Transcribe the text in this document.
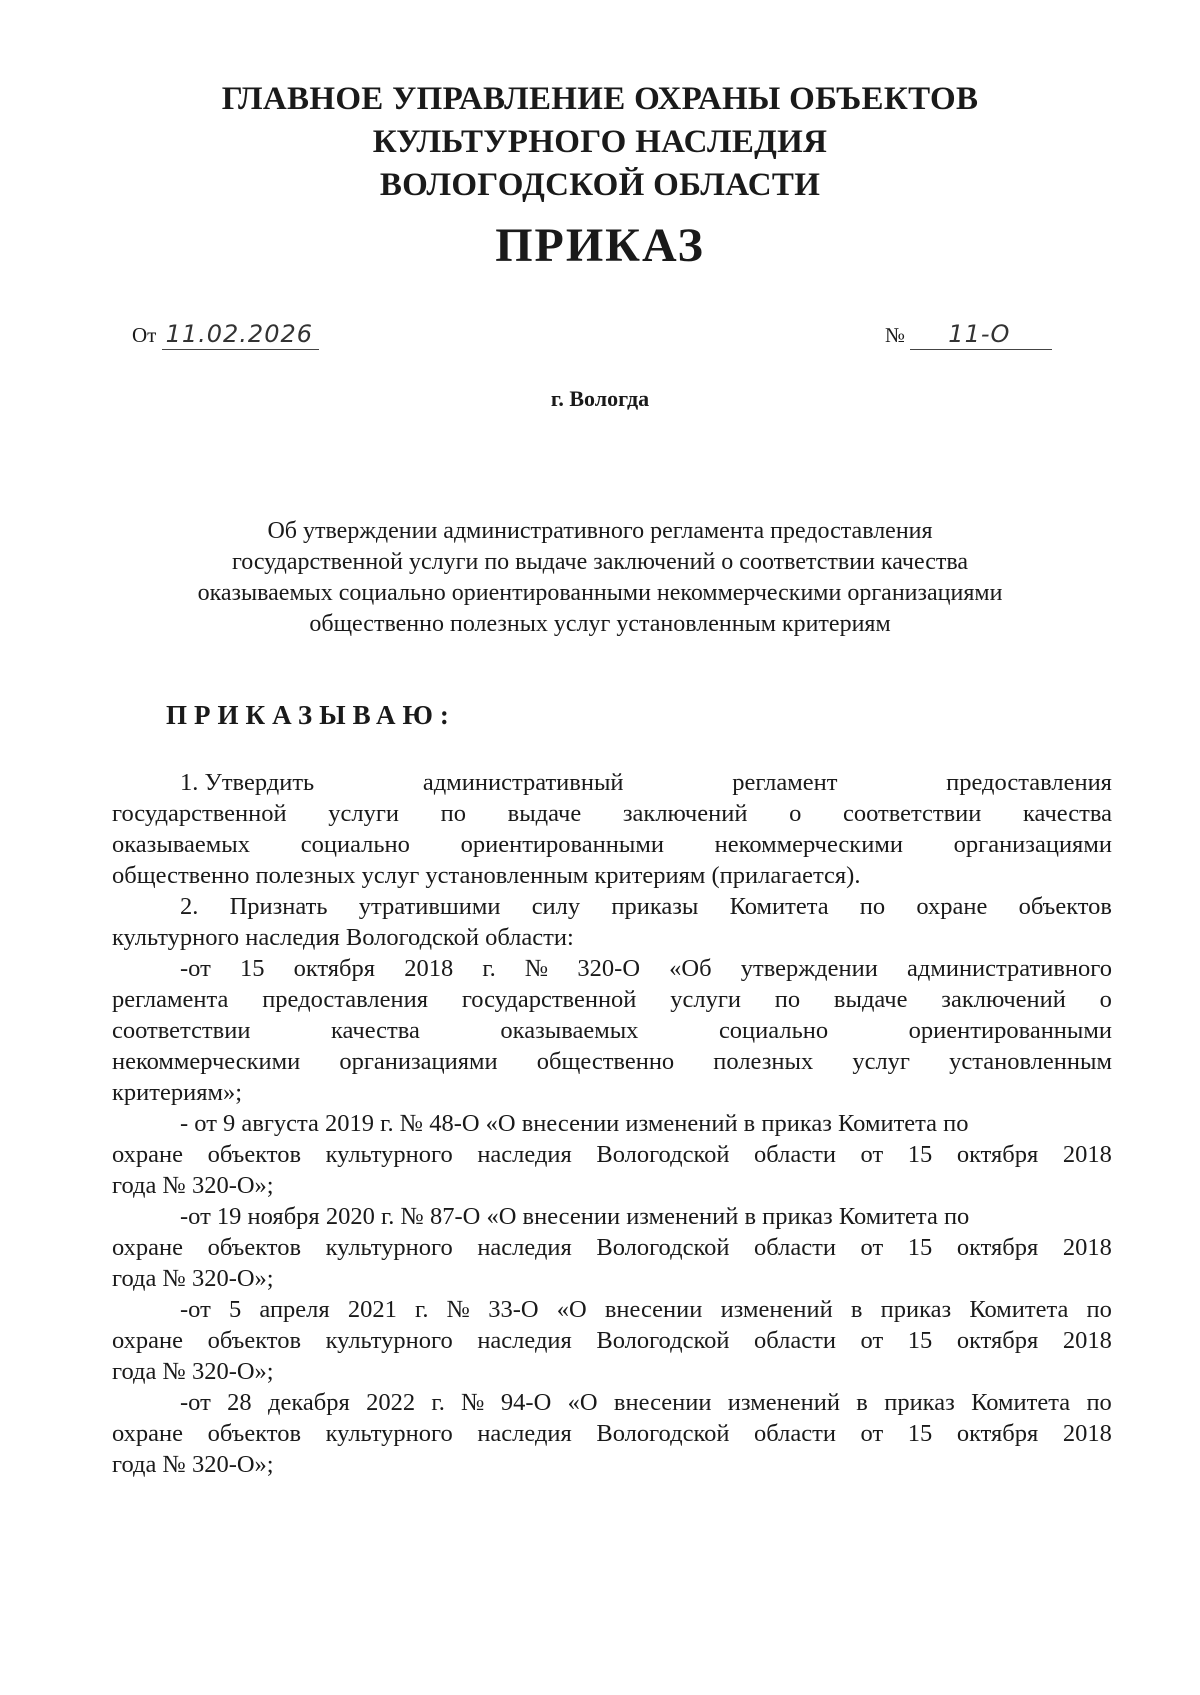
ГЛАВНОЕ УПРАВЛЕНИЕ ОХРАНЫ ОБЪЕКТОВ
КУЛЬТУРНОГО НАСЛЕДИЯ
ВОЛОГОДСКОЙ ОБЛАСТИ
ПРИКАЗ
От 11.02.2026	№ 11-О
г. Вологда
Об утверждении административного регламента предоставления
государственной услуги по выдаче заключений о соответствии качества
оказываемых социально ориентированными некоммерческими организациями
общественно полезных услуг установленным критериям
ПРИКАЗЫВАЮ:
1. Утвердить	административный	регламент	предоставления
государственной услуги по выдаче заключений о соответствии качества
оказываемых социально ориентированными некоммерческими организациями
общественно полезных услуг установленным критериям (прилагается).
2. Признать утратившими силу приказы Комитета по охране объектов
культурного наследия Вологодской области:
-от 15 октября 2018 г. № 320-О «Об утверждении административного
регламента предоставления государственной услуги по выдаче заключений о
соответствии	качества	оказываемых	социально	ориентированными
некоммерческими организациями общественно полезных услуг установленным
критериям»;
- от 9 августа 2019 г. № 48-О «О внесении изменений в приказ Комитета по
охране объектов культурного наследия Вологодской области от 15 октября 2018
года № 320-О»;
-от 19 ноября 2020 г. № 87-О «О внесении изменений в приказ Комитета по
охране объектов культурного наследия Вологодской области от 15 октября 2018
года № 320-О»;
-от 5 апреля 2021 г. № 33-О «О внесении изменений в приказ Комитета по
охране объектов культурного наследия Вологодской области от 15 октября 2018
года № 320-О»;
-от 28 декабря 2022 г. № 94-О «О внесении изменений в приказ Комитета по
охране объектов культурного наследия Вологодской области от 15 октября 2018
года № 320-О»;
